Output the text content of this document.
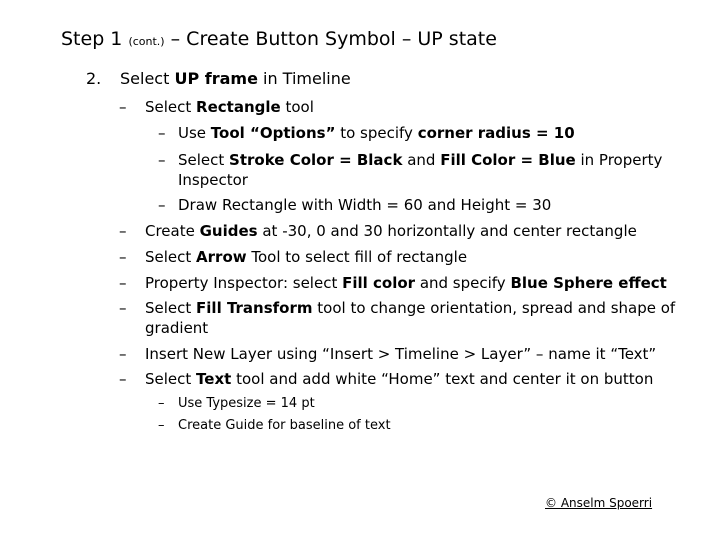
Step 1 (cont.) – Create Button Symbol – UP state
2. Select UP frame in Timeline
– Select Rectangle tool
– Use Tool “Options” to specify corner radius = 10
– Select Stroke Color = Black and Fill Color = Blue in Property
Inspector
– Draw Rectangle with Width = 60 and Height = 30
– Create Guides at -30, 0 and 30 horizontally and center rectangle
– Select Arrow Tool to select fill of rectangle
– Property Inspector: select Fill color and specify Blue Sphere effect
– Select Fill Transform tool to change orientation, spread and shape of
gradient
– Insert New Layer using “Insert > Timeline > Layer” – name it “Text”
– Select Text tool and add white “Home” text and center it on button
– Use Typesize = 14 pt
– Create Guide for baseline of text
© Anselm Spoerri
